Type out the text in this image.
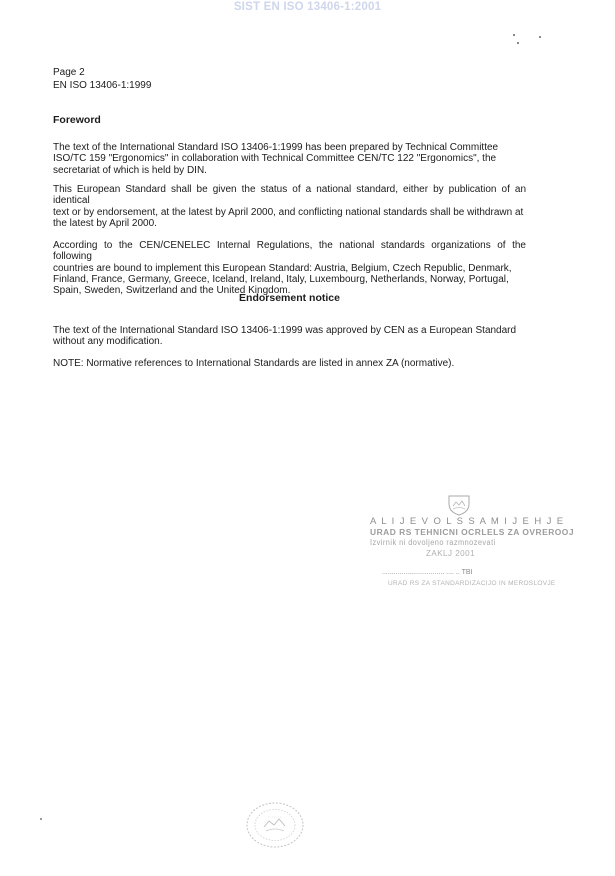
SIST EN ISO 13406-1:2001
Page 2
EN ISO 13406-1:1999
Foreword
The text of the International Standard ISO 13406-1:1999 has been prepared by Technical Committee
ISO/TC 159 "Ergonomics" in collaboration with Technical Committee CEN/TC 122 "Ergonomics", the
secretariat of which is held by DIN.
This European Standard shall be given the status of a national standard, either by publication of an identical
text or by endorsement, at the latest by April 2000, and conflicting national standards shall be withdrawn at
the latest by April 2000.
According to the CEN/CENELEC Internal Regulations, the national standards organizations of the following
countries are bound to implement this European Standard: Austria, Belgium, Czech Republic, Denmark,
Finland, France, Germany, Greece, Iceland, Ireland, Italy, Luxembourg, Netherlands, Norway, Portugal,
Spain, Sweden, Switzerland and the United Kingdom.
Endorsement notice
The text of the International Standard ISO 13406-1:1999 was approved by CEN as a European Standard
without any modification.
NOTE: Normative references to International Standards are listed in annex ZA (normative).
A L I J E V O L S S A M I J E H J E
URAD RS TEHNICNI OCRLELS ZA OVREROOJ
Izvirnik ni dovoljeno razmnozevati
ZAKLJ 2001
................................ .... .. TBI
URAD RS ZA STANDARDIZACIJO IN MEROSLOVJE
